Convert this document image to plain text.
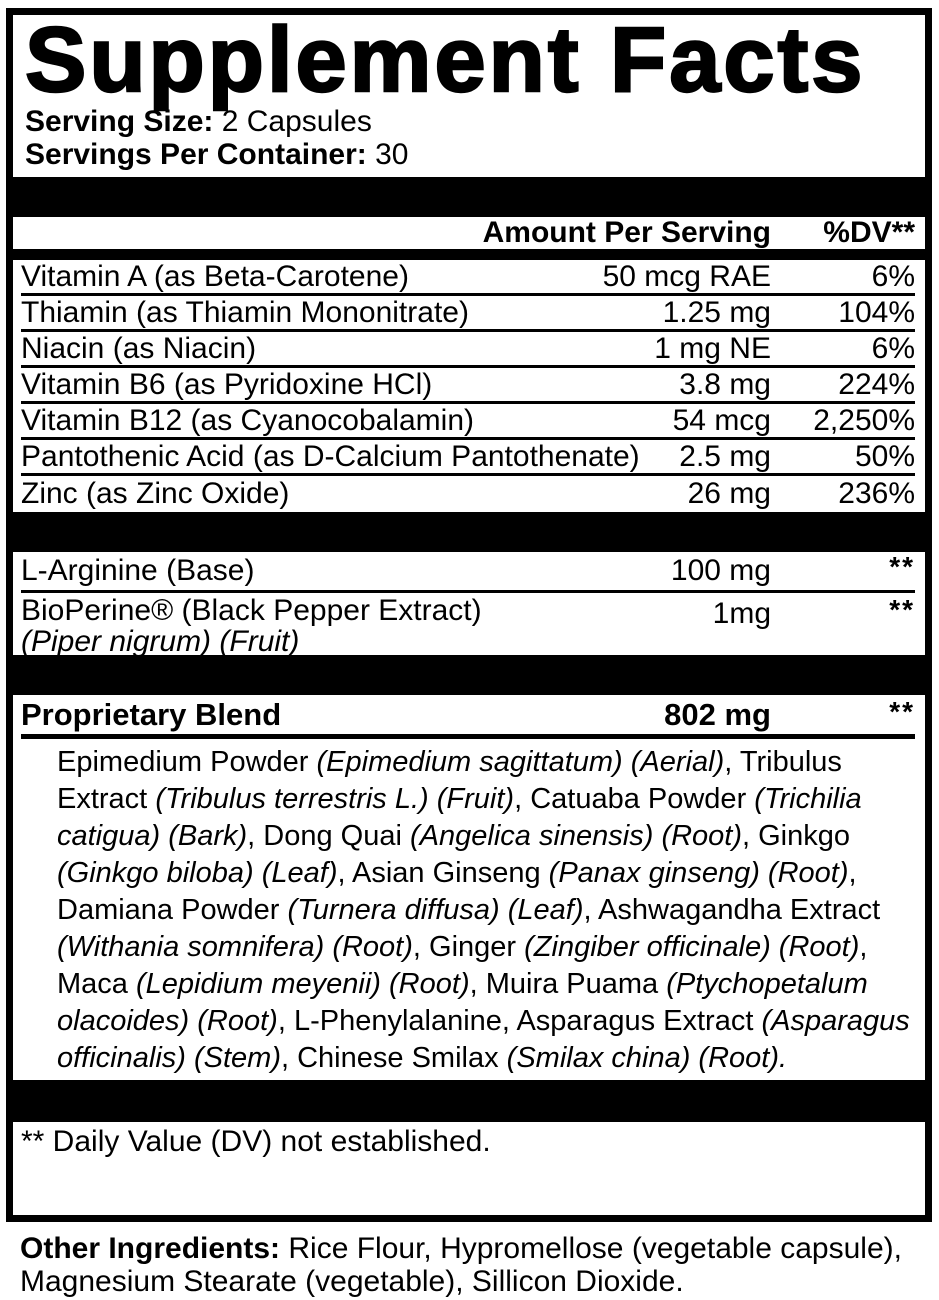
Supplement Facts
Serving Size: 2 Capsules
Servings Per Container: 30
Amount Per Serving	%DV**
Vitamin A (as Beta-Carotene)	50 mcg RAE	6%
Thiamin (as Thiamin Mononitrate)	1.25 mg	104%
Niacin (as Niacin)	1 mg NE	6%
Vitamin B6 (as Pyridoxine HCl)	3.8 mg	224%
Vitamin B12 (as Cyanocobalamin)	54 mcg	2,250%
Pantothenic Acid (as D-Calcium Pantothenate)	2.5 mg	50%
Zinc (as Zinc Oxide)	26 mg	236%
L-Arginine (Base)	100 mg	**
BioPerine® (Black Pepper Extract)
(Piper nigrum) (Fruit)
1mg	**
Proprietary Blend	802 mg	**
Epimedium Powder (Epimedium sagittatum) (Aerial), Tribulus Extract (Tribulus terrestris L.) (Fruit), Catuaba Powder (Trichilia catigua) (Bark), Dong Quai (Angelica sinensis) (Root), Ginkgo (Ginkgo biloba) (Leaf), Asian Ginseng (Panax ginseng) (Root), Damiana Powder (Turnera diffusa) (Leaf), Ashwagandha Extract (Withania somnifera) (Root), Ginger (Zingiber officinale) (Root), Maca (Lepidium meyenii) (Root), Muira Puama (Ptychopetalum olacoides) (Root), L-Phenylalanine, Asparagus Extract (Asparagus officinalis) (Stem), Chinese Smilax (Smilax china) (Root).
** Daily Value (DV) not established.
Other Ingredients: Rice Flour, Hypromellose (vegetable capsule), Magnesium Stearate (vegetable), Sillicon Dioxide.
